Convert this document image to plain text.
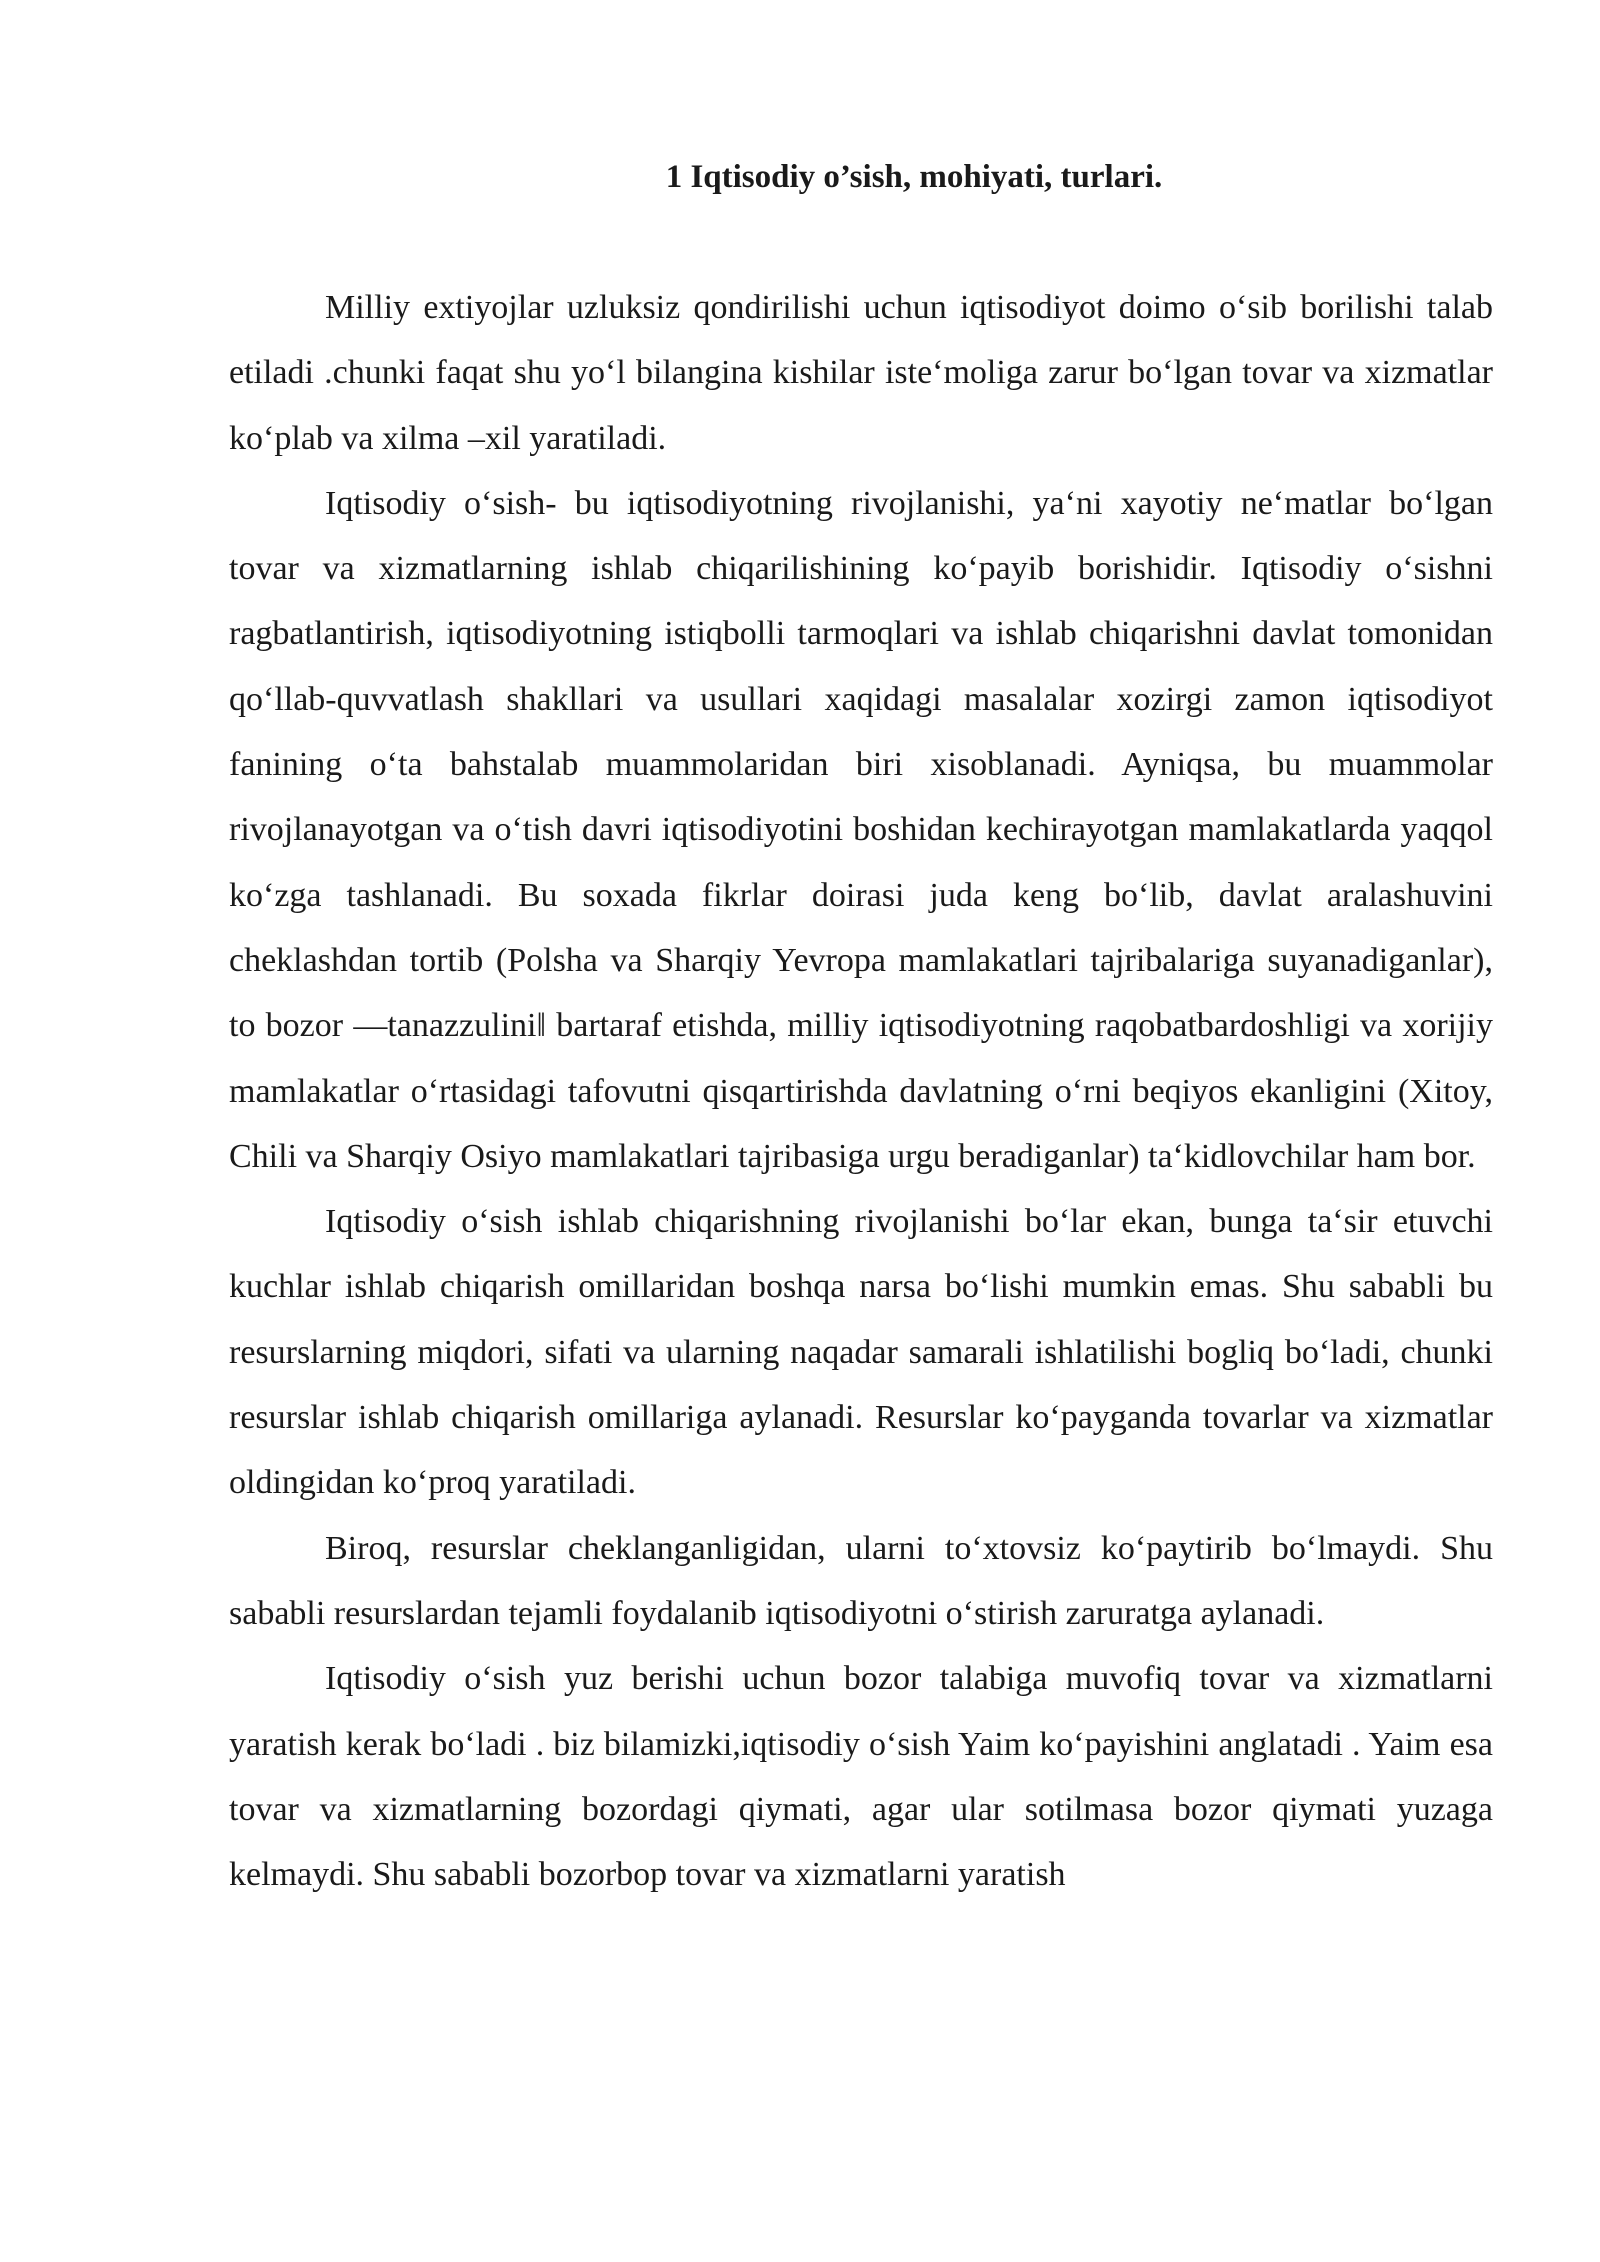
1 Iqtisodiy o’sish, mohiyati, turlari.

Milliy extiyojlar uzluksiz qondirilishi uchun iqtisodiyot doimo o‘sib borilishi talab etiladi .chunki faqat shu yo‘l bilangina kishilar iste‘moliga zarur bo‘lgan tovar va xizmatlar ko‘plab va xilma –xil yaratiladi.

Iqtisodiy o‘sish- bu iqtisodiyotning rivojlanishi, ya‘ni xayotiy ne‘matlar bo‘lgan tovar va xizmatlarning ishlab chiqarilishining ko‘payib borishidir. Iqtisodiy o‘sishni ragbatlantirish, iqtisodiyotning istiqbolli tarmoqlari va ishlab chiqarishni davlat tomonidan qo‘llab-quvvatlash shakllari va usullari xaqidagi masalalar xozirgi zamon iqtisodiyot fanining o‘ta bahstalab muammolaridan biri xisoblanadi. Ayniqsa, bu muammolar rivojlanayotgan va o‘tish davri iqtisodiyotini boshidan kechirayotgan mamlakatlarda yaqqol ko‘zga tashlanadi. Bu soxada fikrlar doirasi juda keng bo‘lib, davlat aralashuvini cheklashdan tortib (Polsha va Sharqiy Yevropa mamlakatlari tajribalariga suyanadiganlar), to bozor ―tanazzulini‖ bartaraf etishda, milliy iqtisodiyotning raqobatbardoshligi va xorijiy mamlakatlar o‘rtasidagi tafovutni qisqartirishda davlatning o‘rni beqiyos ekanligini (Xitoy, Chili va Sharqiy Osiyo mamlakatlari tajribasiga urgu beradiganlar) ta‘kidlovchilar ham bor.

Iqtisodiy o‘sish ishlab chiqarishning rivojlanishi bo‘lar ekan, bunga ta‘sir etuvchi kuchlar ishlab chiqarish omillaridan boshqa narsa bo‘lishi mumkin emas. Shu sababli bu resurslarning miqdori, sifati va ularning naqadar samarali ishlatilishi bogliq bo‘ladi, chunki resurslar ishlab chiqarish omillariga aylanadi. Resurslar ko‘payganda tovarlar va xizmatlar oldingidan ko‘proq yaratiladi.

Biroq, resurslar cheklanganligidan, ularni to‘xtovsiz ko‘paytirib bo‘lmaydi. Shu sababli resurslardan tejamli foydalanib iqtisodiyotni o‘stirish zaruratga aylanadi.

Iqtisodiy o‘sish yuz berishi uchun bozor talabiga muvofiq tovar va xizmatlarni yaratish kerak bo‘ladi . biz bilamizki,iqtisodiy o‘sish Yaim ko‘payishini anglatadi . Yaim esa tovar va xizmatlarning bozordagi qiymati, agar ular sotilmasa bozor qiymati yuzaga kelmaydi. Shu sababli bozorbop tovar va xizmatlarni yaratish
